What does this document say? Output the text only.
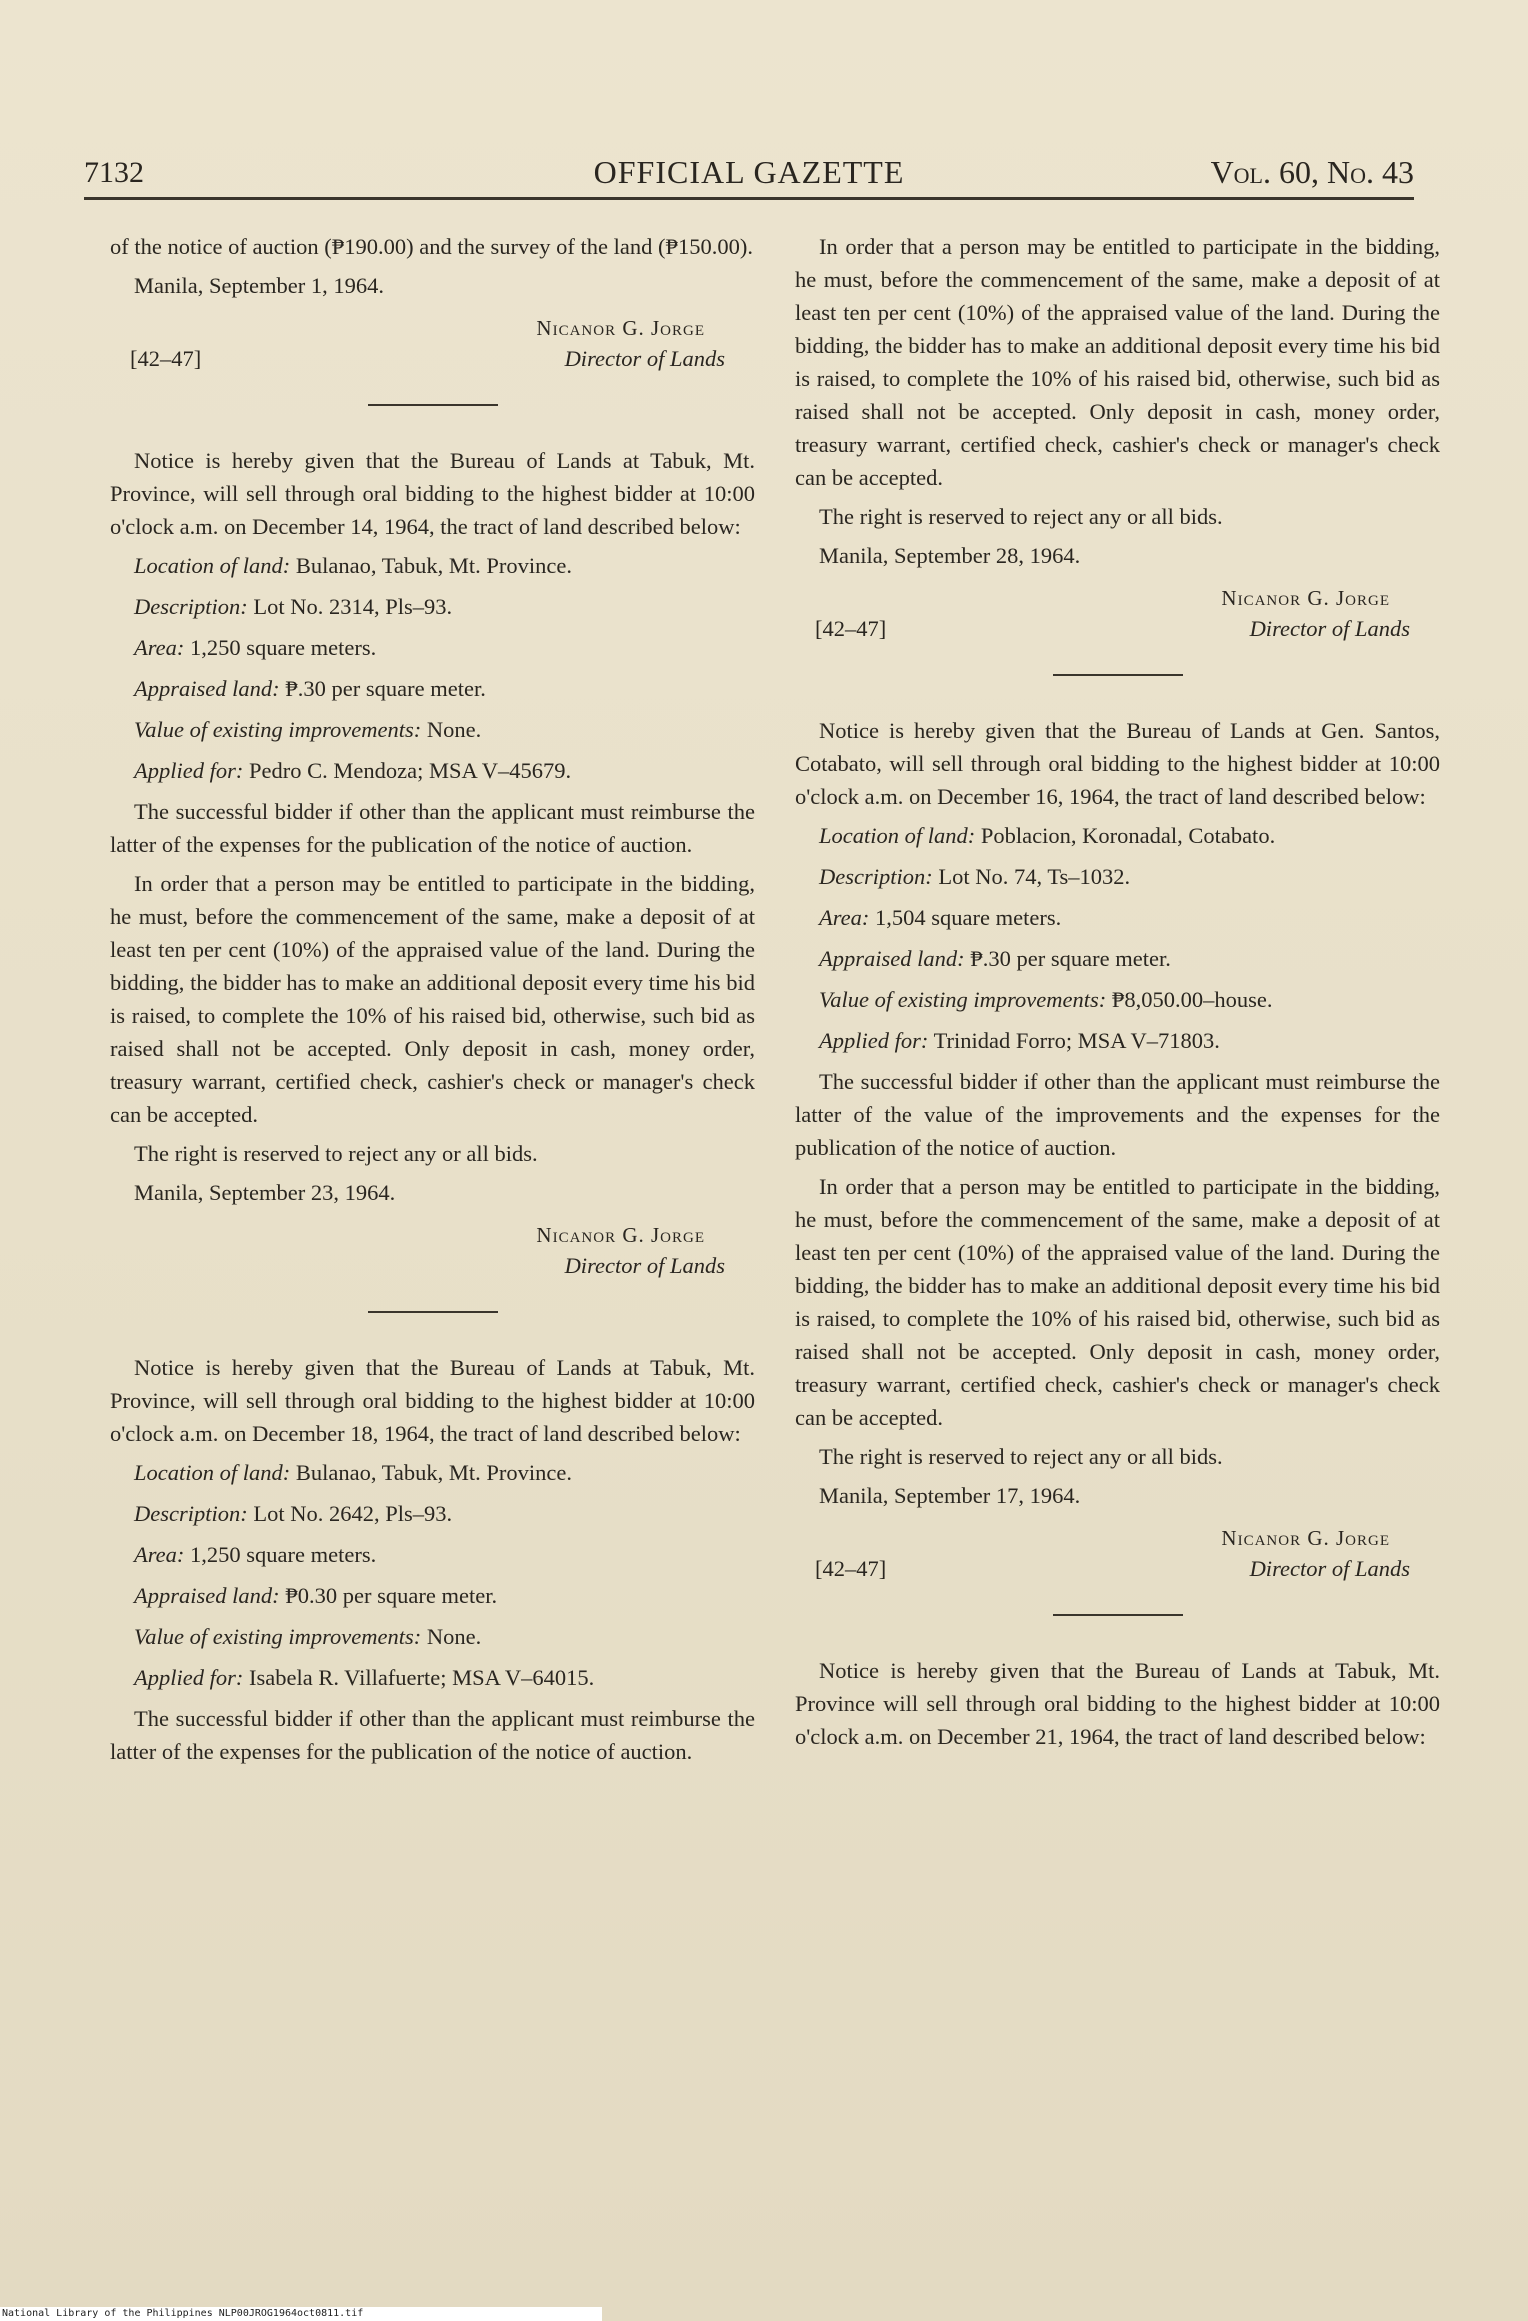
7132	OFFICIAL GAZETTE	Vol. 60, No. 43

of the notice of auction (₱190.00) and the survey of the land (₱150.00).

Manila, September 1, 1964.
Nicanor G. Jorge
[42–47]	Director of Lands

Notice is hereby given that the Bureau of Lands at Tabuk, Mt. Province, will sell through oral bidding to the highest bidder at 10:00 o'clock a.m. on December 14, 1964, the tract of land described below:

Location of land: Bulanao, Tabuk, Mt. Province.
Description: Lot No. 2314, Pls–93.
Area: 1,250 square meters.
Appraised land: ₱.30 per square meter.
Value of existing improvements: None.
Applied for: Pedro C. Mendoza; MSA V–45679.

The successful bidder if other than the applicant must reimburse the latter of the expenses for the publication of the notice of auction.

In order that a person may be entitled to participate in the bidding, he must, before the commencement of the same, make a deposit of at least ten per cent (10%) of the appraised value of the land. During the bidding, the bidder has to make an additional deposit every time his bid is raised, to complete the 10% of his raised bid, otherwise, such bid as raised shall not be accepted. Only deposit in cash, money order, treasury warrant, certified check, cashier's check or manager's check can be accepted.

The right is reserved to reject any or all bids.

Manila, September 23, 1964.
Nicanor G. Jorge
Director of Lands

Notice is hereby given that the Bureau of Lands at Tabuk, Mt. Province, will sell through oral bidding to the highest bidder at 10:00 o'clock a.m. on December 18, 1964, the tract of land described below:

Location of land: Bulanao, Tabuk, Mt. Province.
Description: Lot No. 2642, Pls–93.
Area: 1,250 square meters.
Appraised land: ₱0.30 per square meter.
Value of existing improvements: None.
Applied for: Isabela R. Villafuerte; MSA V–64015.

The successful bidder if other than the applicant must reimburse the latter of the expenses for the publication of the notice of auction.

In order that a person may be entitled to participate in the bidding, he must, before the commencement of the same, make a deposit of at least ten per cent (10%) of the appraised value of the land. During the bidding, the bidder has to make an additional deposit every time his bid is raised, to complete the 10% of his raised bid, otherwise, such bid as raised shall not be accepted. Only deposit in cash, money order, treasury warrant, certified check, cashier's check or manager's check can be accepted.

The right is reserved to reject any or all bids.

Manila, September 28, 1964.
Nicanor G. Jorge
[42–47]	Director of Lands

Notice is hereby given that the Bureau of Lands at Gen. Santos, Cotabato, will sell through oral bidding to the highest bidder at 10:00 o'clock a.m. on December 16, 1964, the tract of land described below:

Location of land: Poblacion, Koronadal, Cotabato.
Description: Lot No. 74, Ts–1032.
Area: 1,504 square meters.
Appraised land: ₱.30 per square meter.
Value of existing improvements: ₱8,050.00–house.
Applied for: Trinidad Forro; MSA V–71803.

The successful bidder if other than the applicant must reimburse the latter of the value of the improvements and the expenses for the publication of the notice of auction.

In order that a person may be entitled to participate in the bidding, he must, before the commencement of the same, make a deposit of at least ten per cent (10%) of the appraised value of the land. During the bidding, the bidder has to make an additional deposit every time his bid is raised, to complete the 10% of his raised bid, otherwise, such bid as raised shall not be accepted. Only deposit in cash, money order, treasury warrant, certified check, cashier's check or manager's check can be accepted.

The right is reserved to reject any or all bids.

Manila, September 17, 1964.
Nicanor G. Jorge
[42–47]	Director of Lands

Notice is hereby given that the Bureau of Lands at Tabuk, Mt. Province will sell through oral bidding to the highest bidder at 10:00 o'clock a.m. on December 21, 1964, the tract of land described below:

National Library of the Philippines NLP00JROG1964oct0811.tif
